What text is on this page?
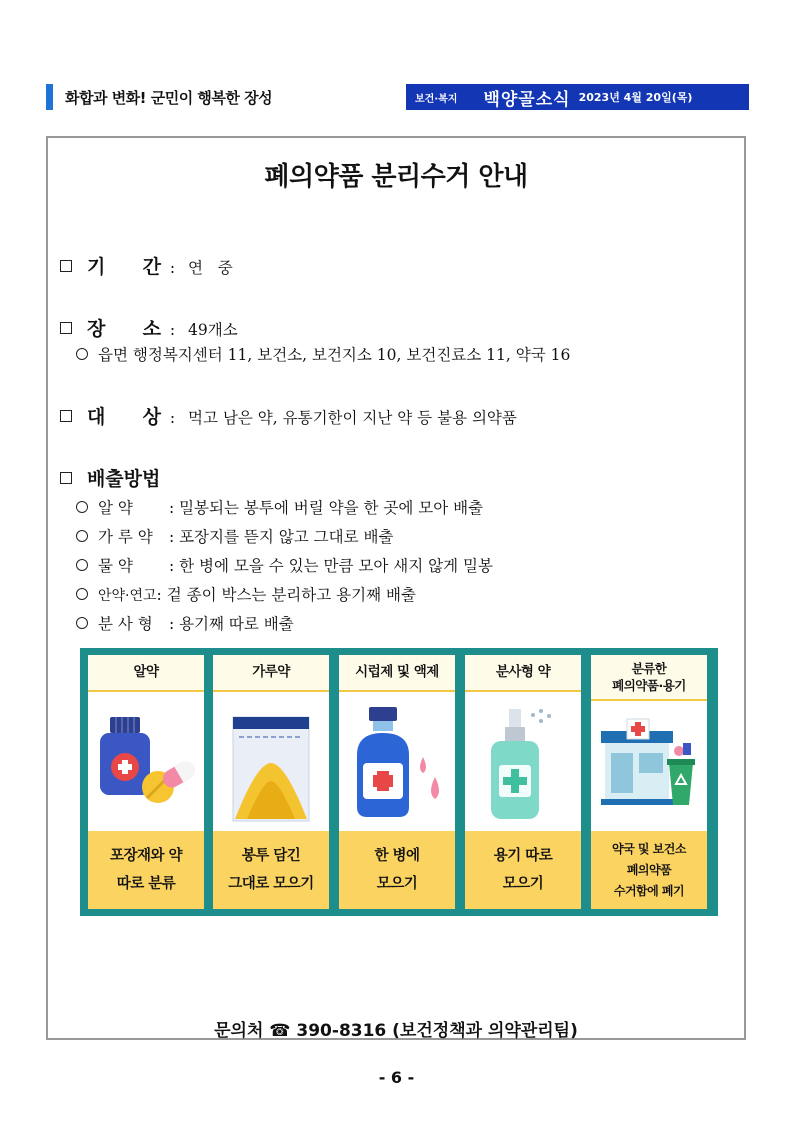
화합과 변화! 군민이 행복한 장성	보건·복지 백양골소식 2023년 4월 20일(목)
폐의약품 분리수거 안내

기 간 : 연   중

장 소 : 49개소
읍면 행정복지센터 11, 보건소, 보건지소 10, 보건진료소 11, 약국 16

대 상 : 먹고 남은 약, 유통기한이 지난 약 등 불용 의약품
배출방법
알 약 : 밀봉되는 봉투에 버릴 약을 한 곳에 모아 배출
가 루 약 : 포장지를 뜯지 않고 그대로 배출
물 약 : 한 병에 모을 수 있는 만큼 모아 새지 않게 밀봉
안약·연고: 겉 종이 박스는 분리하고 용기째 배출
분 사 형 : 용기째 따로 배출
알약
포장재와 약
따로 분류
가루약
봉투 담긴
그대로 모으기
시럽제 및 액제
한 병에
모으기
분사형 약
용기 따로
모으기
분류한
폐의약품·용기
약국 및 보건소
폐의약품
수거함에 폐기
문의처 ☎ 390-8316 (보건정책과 의약관리팀)
- 6 -
